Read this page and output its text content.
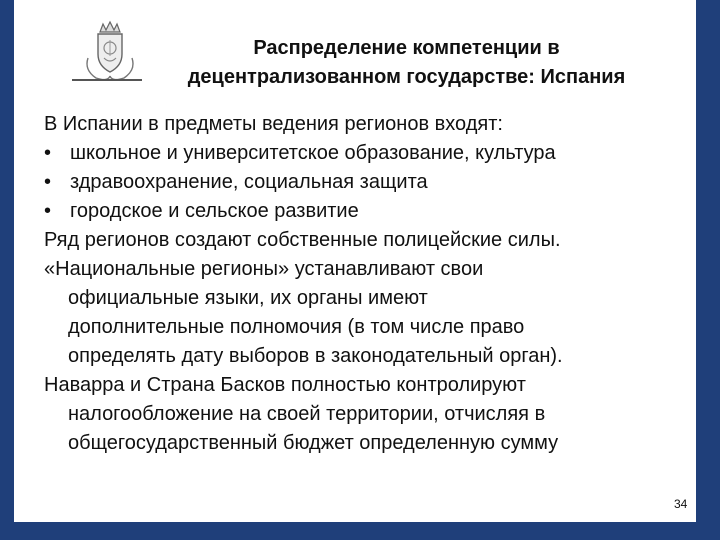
Распределение компетенции в
децентрализованном государстве: Испания
В Испании в предметы ведения регионов входят:
• школьное и университетское образование, культура
• здравоохранение, социальная защита
• городское и сельское развитие
Ряд регионов создают собственные полицейские силы.
«Национальные регионы» устанавливают свои
официальные языки, их органы имеют
дополнительные полномочия (в том числе право
определять дату выборов в законодательный орган).
Наварра и Страна Басков полностью контролируют
налогообложение на своей территории, отчисляя в
общегосударственный бюджет определенную сумму
34
